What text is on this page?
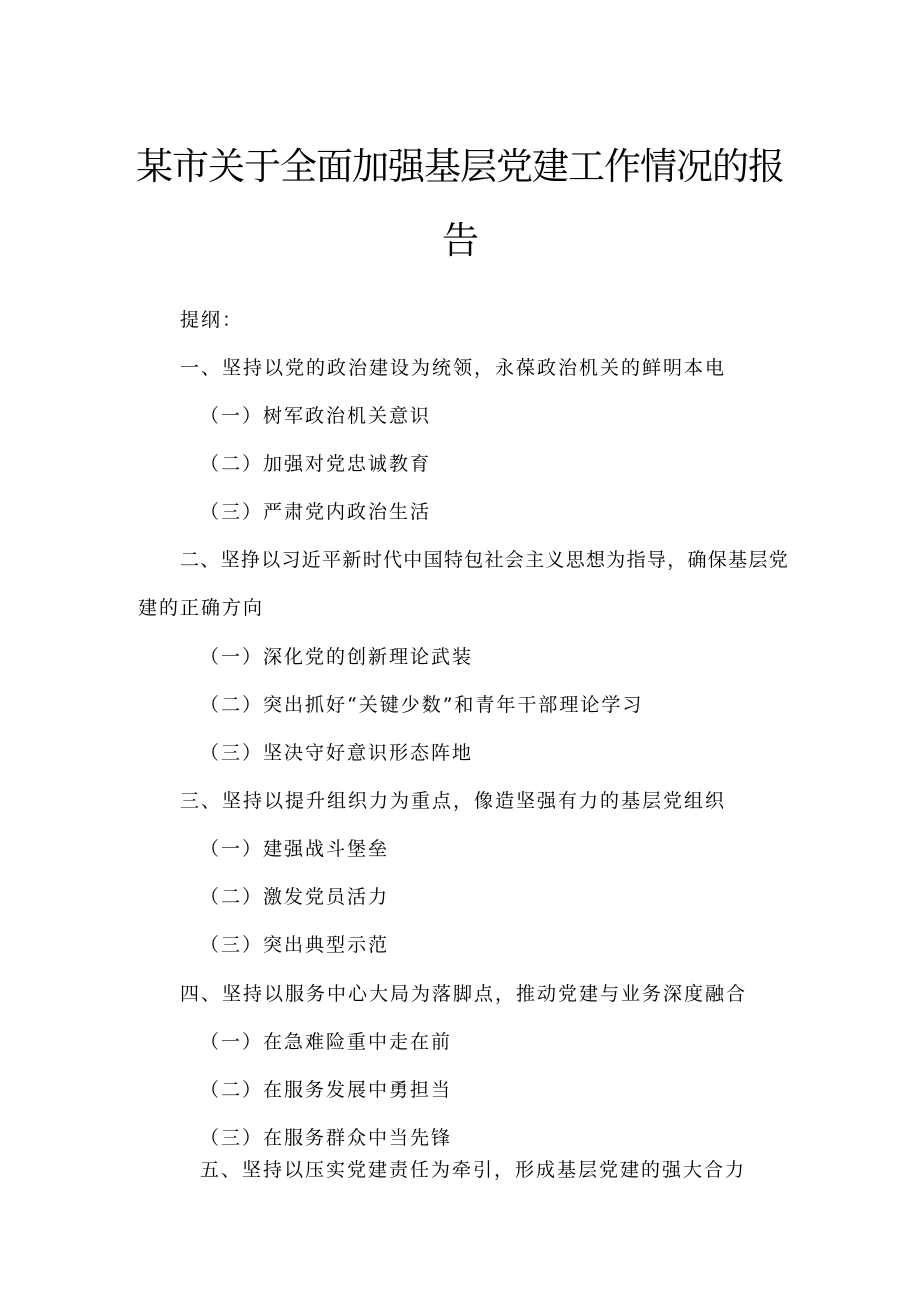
某市关于全面加强基层党建工作情况的报
告
提纲：
一、坚持以党的政治建设为统领，永葆政治机关的鲜明本电
（一）树军政治机关意识
（二）加强对党忠诚教育
（三）严肃党内政治生活
二、坚挣以习近平新时代中国特包社会主义思想为指导，确保基层党
建的正确方向
（一）深化党的创新理论武装
（二）突出抓好“关键少数”和青年干部理论学习
（三）坚决守好意识形态阵地
三、坚持以提升组织力为重点，像造坚强有力的基层党组织
（一）建强战斗堡垒
（二）激发党员活力
（三）突出典型示范
四、坚持以服务中心大局为落脚点，推动党建与业务深度融合
（一）在急难险重中走在前
（二）在服务发展中勇担当
（三）在服务群众中当先锋
五、坚持以压实党建责任为牵引，形成基层党建的强大合力
